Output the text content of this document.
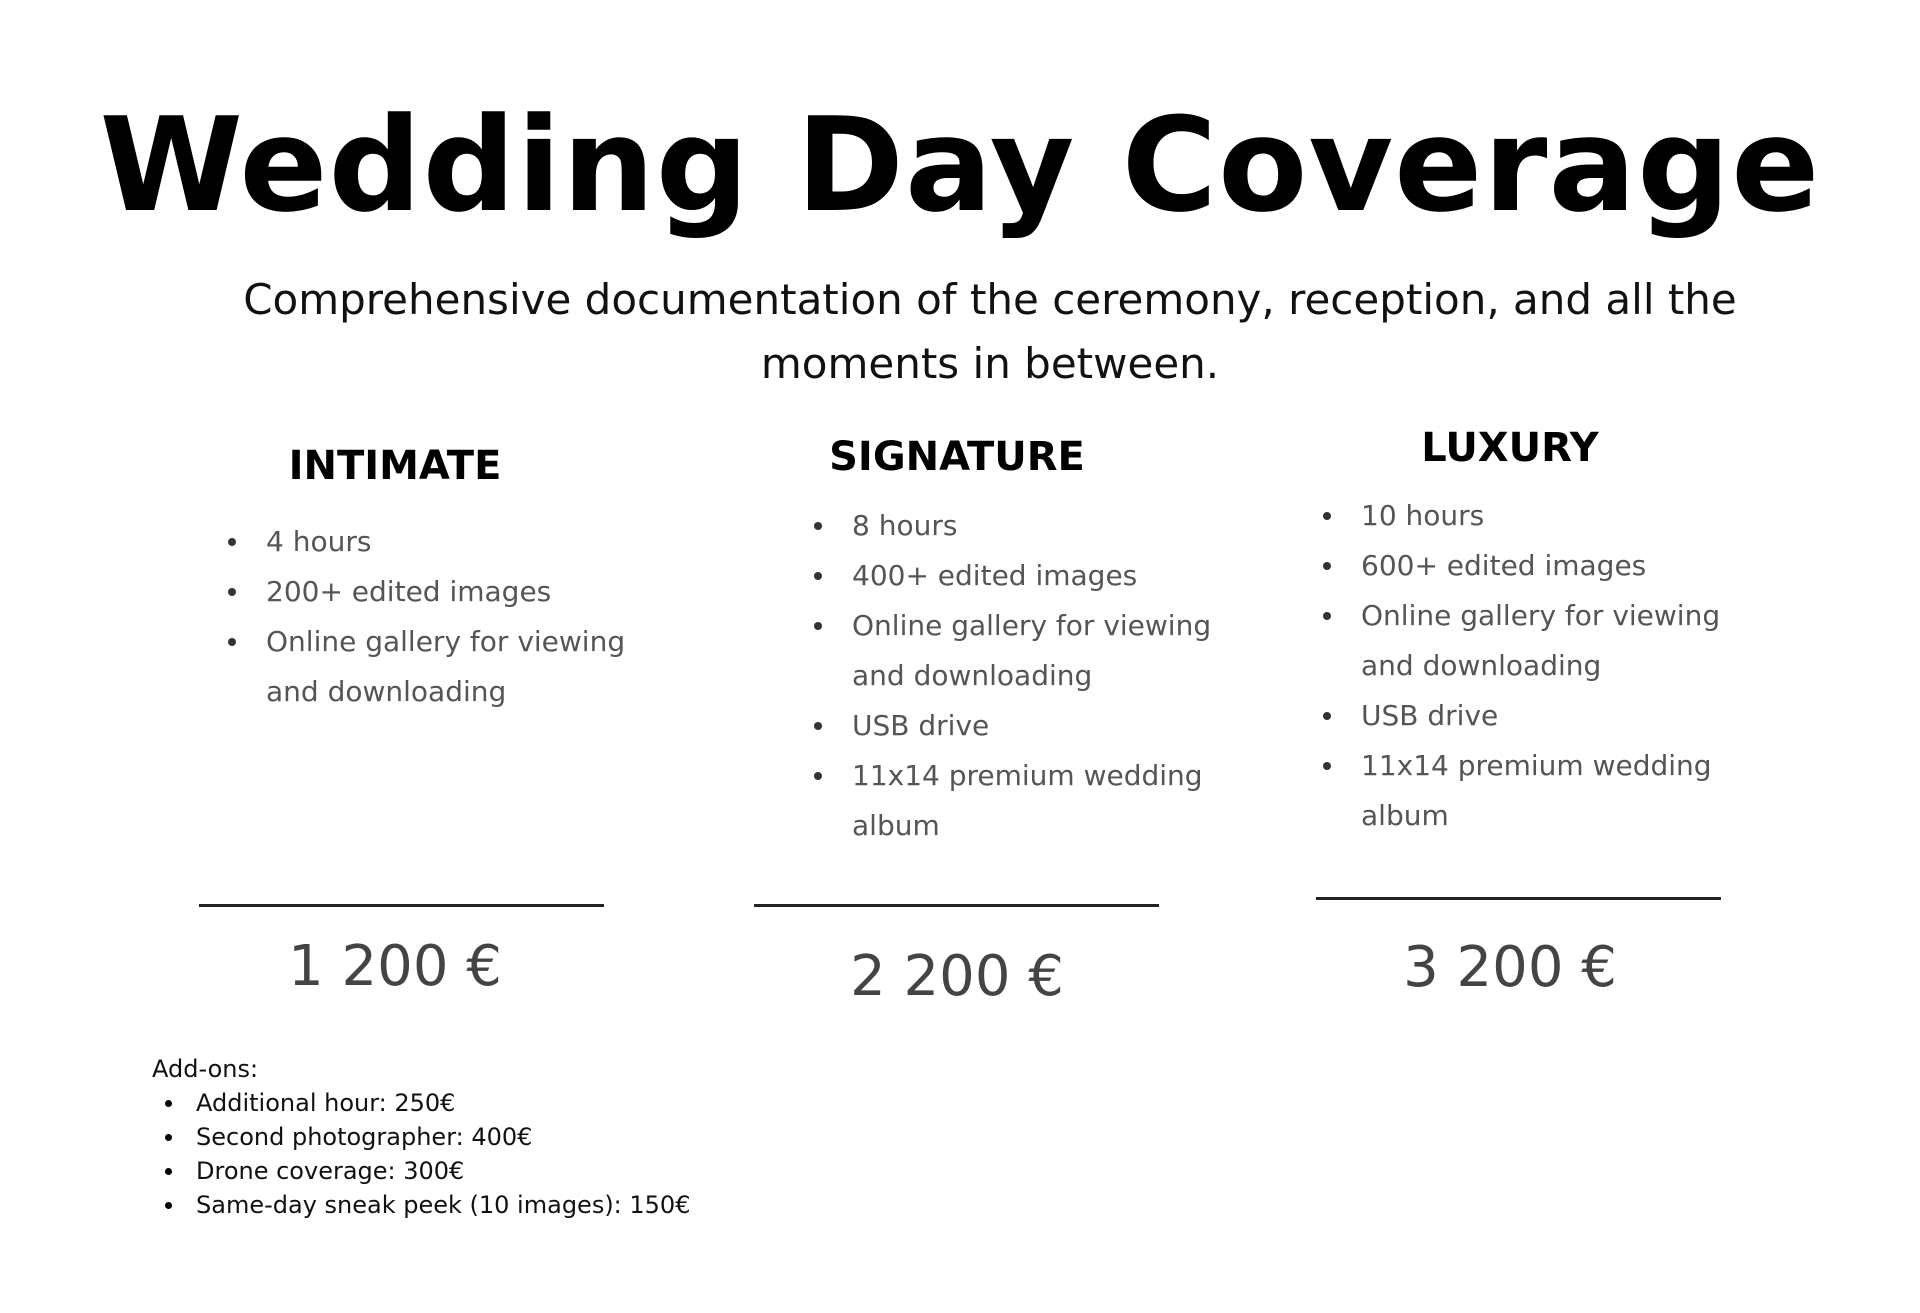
Wedding Day Coverage

Comprehensive documentation of the ceremony, reception, and all the moments in between.

INTIMATE
4 hours
200+ edited images
Online gallery for viewing and downloading
1 200 €
SIGNATURE
8 hours
400+ edited images
Online gallery for viewing and downloading
USB drive
11x14 premium wedding album
2 200 €
LUXURY
10 hours
600+ edited images
Online gallery for viewing and downloading
USB drive
11x14 premium wedding album
3 200 €

Add-ons:

Additional hour: 250€
Second photographer: 400€
Drone coverage: 300€
Same-day sneak peek (10 images): 150€
